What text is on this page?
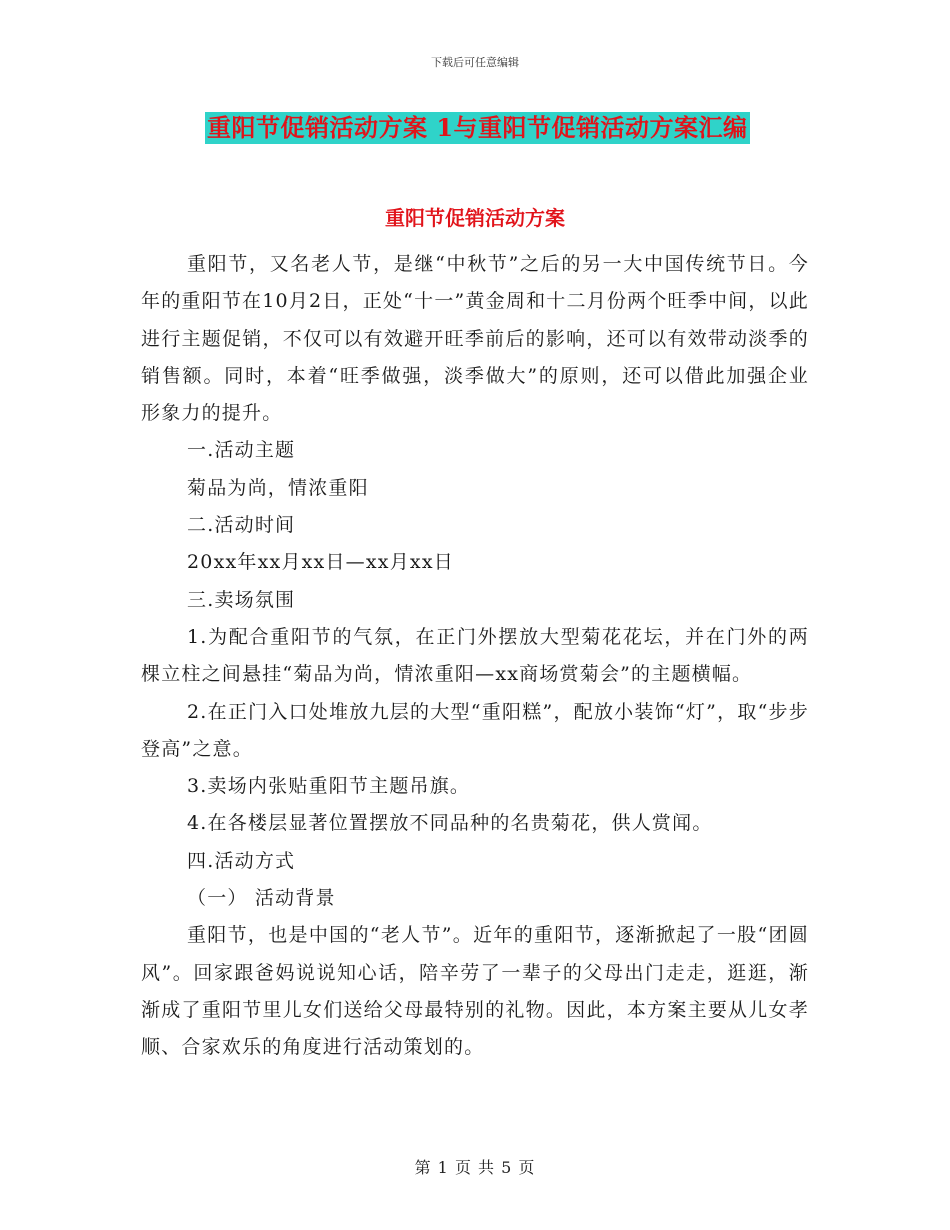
下载后可任意编辑
重阳节促销活动方案 1与重阳节促销活动方案汇编
重阳节促销活动方案

重阳节，又名老人节，是继“中秋节”之后的另一大中国传统节日。今年的重阳节在10月2日，正处“十一”黄金周和十二月份两个旺季中间，以此进行主题促销，不仅可以有效避开旺季前后的影响，还可以有效带动淡季的销售额。同时，本着“旺季做强，淡季做大”的原则，还可以借此加强企业形象力的提升。

一.活动主题

菊品为尚，情浓重阳

二.活动时间

20xx年xx月xx日—xx月xx日

三.卖场氛围

1.为配合重阳节的气氛，在正门外摆放大型菊花花坛，并在门外的两棵立柱之间悬挂“菊品为尚，情浓重阳—xx商场赏菊会”的主题横幅。

2.在正门入口处堆放九层的大型“重阳糕”，配放小装饰“灯”，取“步步登高”之意。

3.卖场内张贴重阳节主题吊旗。

4.在各楼层显著位置摆放不同品种的名贵菊花，供人赏闻。

四.活动方式

（一） 活动背景

重阳节，也是中国的“老人节”。近年的重阳节，逐渐掀起了一股“团圆风”。回家跟爸妈说说知心话，陪辛劳了一辈子的父母出门走走，逛逛，渐渐成了重阳节里儿女们送给父母最特别的礼物。因此，本方案主要从儿女孝顺、合家欢乐的角度进行活动策划的。

第 1 页 共 5 页
